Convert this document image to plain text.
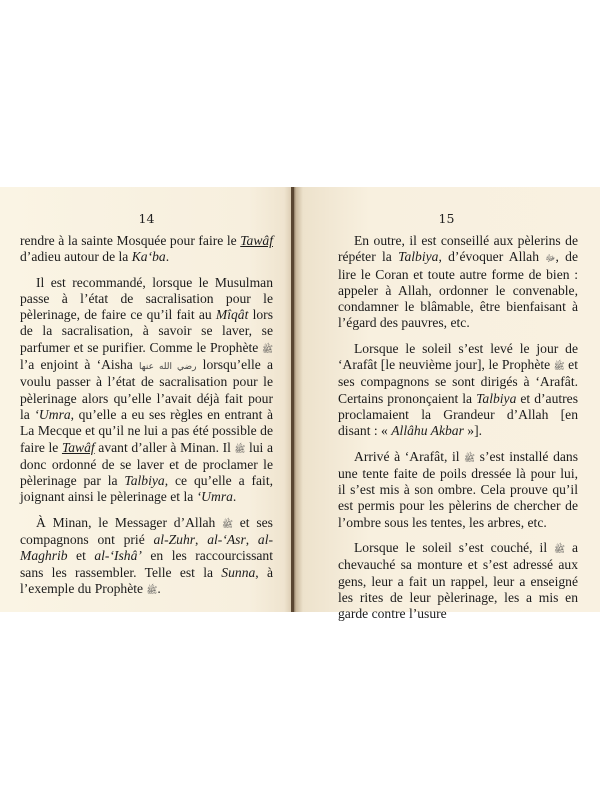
14

rendre à la sainte Mosquée pour faire le Tawâf d’adieu autour de la Ka‘ba.

Il est recommandé, lorsque le Musulman passe à l’état de sacralisation pour le pèlerinage, de faire ce qu’il fait au Mîqât lors de la sacralisation, à savoir se laver, se parfumer et se purifier. Comme le Prophète ﷺ l’a enjoint à ‘Aisha رضي الله عنها lorsqu’elle a voulu passer à l’état de sacralisation pour le pèlerinage alors qu’elle l’avait déjà fait pour la ‘Umra, qu’elle a eu ses règles en entrant à La Mecque et qu’il ne lui a pas été possible de faire le Tawâf avant d’aller à Minan. Il ﷺ lui a donc ordonné de se laver et de proclamer le pèlerinage par la Talbiya, ce qu’elle a fait, joignant ainsi le pèlerinage et la ‘Umra.

À Minan, le Messager d’Allah ﷺ et ses compagnons ont prié al-Zuhr, al-‘Asr, al-Maghrib et al-‘Ishâ’ en les raccourcissant sans les rassembler. Telle est la Sunna, à l’exemple du Prophète ﷺ.

15

En outre, il est conseillé aux pèlerins de répéter la Talbiya, d’évoquer Allah ﷻ, de lire le Coran et toute autre forme de bien : appeler à Allah, ordonner le convenable, condamner le blâmable, être bienfaisant à l’égard des pauvres, etc.

Lorsque le soleil s’est levé le jour de ‘Arafât [le neuvième jour], le Prophète ﷺ et ses compagnons se sont dirigés à ‘Arafât. Certains prononçaient la Talbiya et d’autres proclamaient la Grandeur d’Allah [en disant : « Allâhu Akbar »].

Arrivé à ‘Arafât, il ﷺ s’est installé dans une tente faite de poils dressée là pour lui, il s’est mis à son ombre. Cela prouve qu’il est permis pour les pèlerins de chercher de l’ombre sous les tentes, les arbres, etc.

Lorsque le soleil s’est couché, il ﷺ a chevauché sa monture et s’est adressé aux gens, leur a fait un rappel, leur a enseigné les rites de leur pèlerinage, les a mis en garde contre l’usure
